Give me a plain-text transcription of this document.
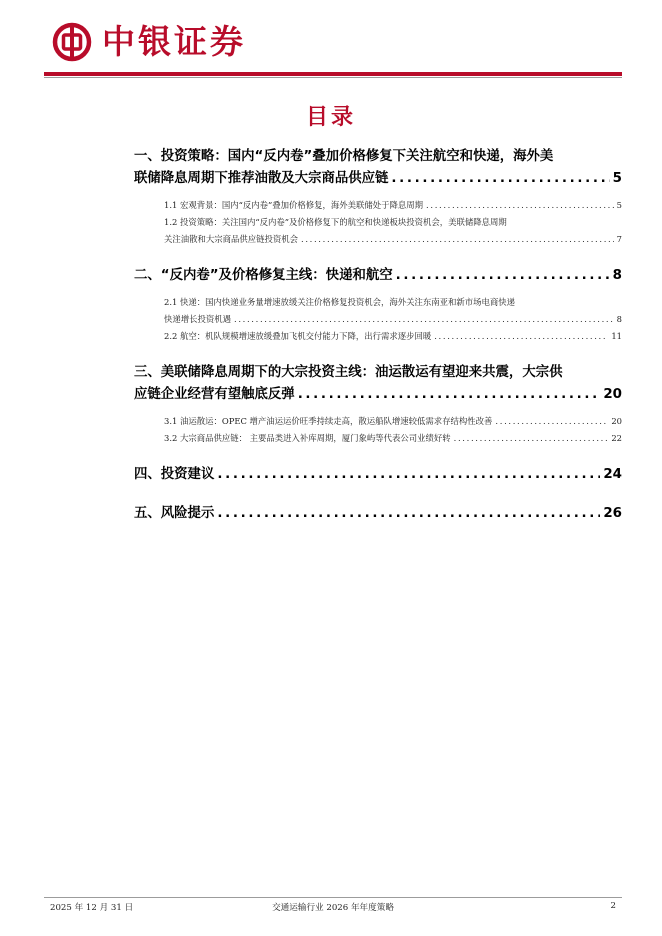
中银证券
目录
一、投资策略：国内“反内卷”叠加价格修复下关注航空和快递，海外美
联储降息周期下推荐油散及大宗商品供应链 . . .	5
1.1 宏观背景：国内“反内卷”叠加价格修复，海外美联储处于降息周期 . . .	5
1.2 投资策略：关注国内“反内卷”及价格修复下的航空和快递板块投资机会，美联储降息周期
关注油散和大宗商品供应链投资机会 . . .	7
二、“反内卷”及价格修复主线：快递和航空 . . .	8
2.1 快递：国内快递业务量增速放缓关注价格修复投资机会，海外关注东南亚和新市场电商快递
快递增长投资机遇 . . .	8
2.2 航空：机队规模增速放缓叠加飞机交付能力下降，出行需求逐步回暖 . . .	11
三、美联储降息周期下的大宗投资主线：油运散运有望迎来共震，大宗供
应链企业经营有望触底反弹 . . .	20
3.1 油运散运：OPEC 增产油运运价旺季持续走高，散运船队增速较低需求存结构性改善 . . .	20
3.2 大宗商品供应链： 主要品类进入补库周期，厦门象屿等代表公司业绩好转 . . .	22
四、投资建议 . . .	24
五、风险提示 . . .	26
2025 年 12 月 31 日	交通运输行业 2026 年年度策略	2
